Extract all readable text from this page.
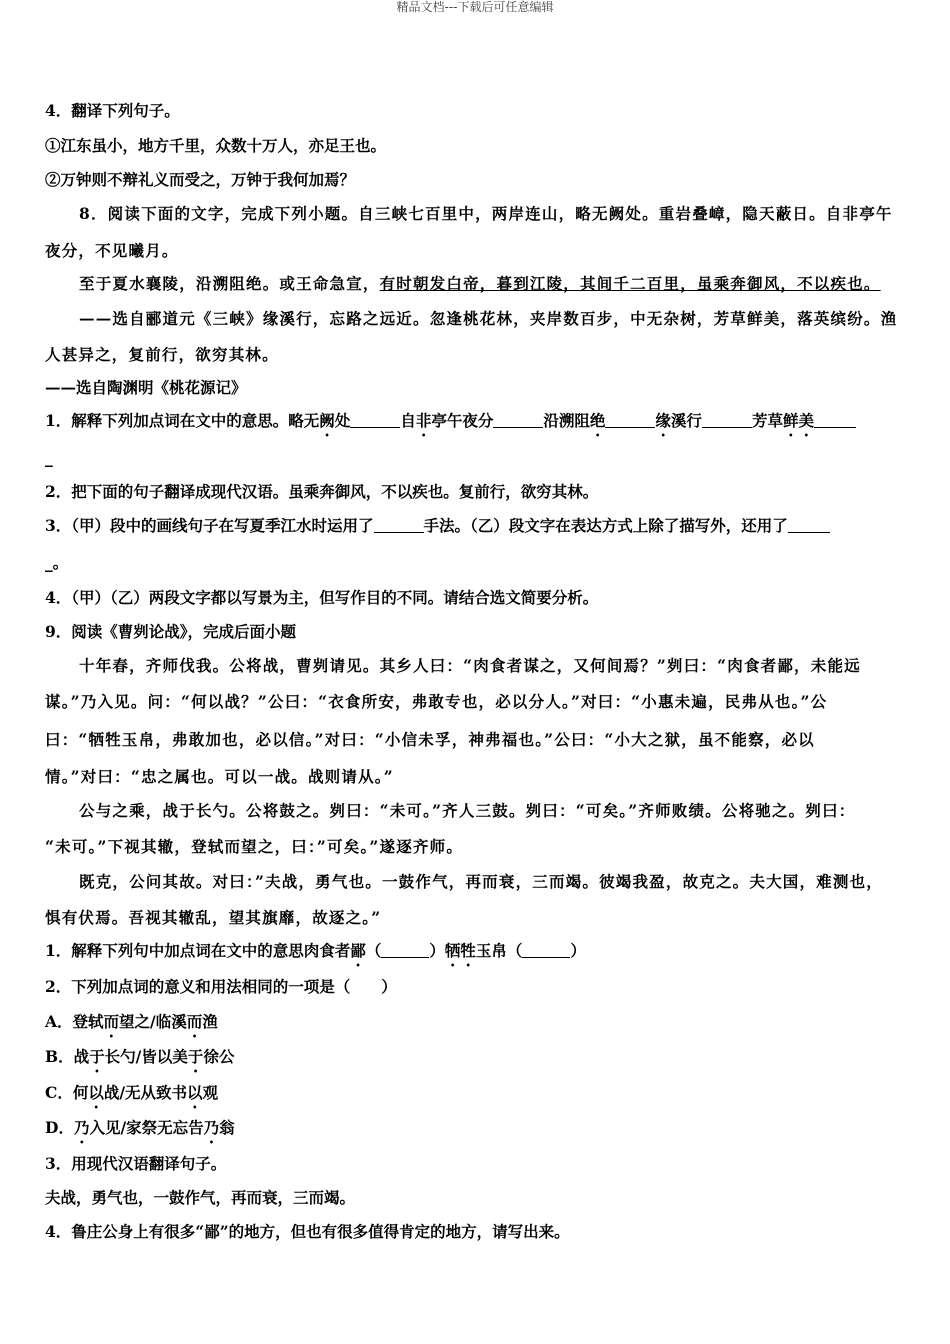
精品文档---下载后可任意编辑
4．翻译下列句子。
①江东虽小，地方千里，众数十万人，亦足王也。
②万钟则不辩礼义而受之，万钟于我何加焉？
8．阅读下面的文字，完成下列小题。自三峡七百里中，两岸连山，略无阙处。重岩叠嶂，隐天蔽日。自非亭午
夜分，不见曦月。
至于夏水襄陵，沿溯阻绝。或王命急宣，有时朝发白帝，暮到江陵，其间千二百里，虽乘奔御风，不以疾也。
——选自郦道元《三峡》缘溪行，忘路之远近。忽逢桃花林，夹岸数百步，中无杂树，芳草鲜美，落英缤纷。渔
人甚异之，复前行，欲穷其林。
——选自陶渊明《桃花源记》
1．解释下列加点词在文中的意思。略无阙处	自非亭午夜分	沿溯阻绝	缘溪行	芳草鲜美
_
2．把下面的句子翻译成现代汉语。虽乘奔御风，不以疾也。复前行，欲穷其林。
3．（甲）段中的画线句子在写夏季江水时运用了	手法。（乙）段文字在表达方式上除了描写外，还用了
_。
4．（甲）（乙）两段文字都以写景为主，但写作目的不同。请结合选文简要分析。
9．阅读《曹刿论战》，完成后面小题
十年春，齐师伐我。公将战，曹刿请见。其乡人曰：“肉食者谋之，又何间焉？”刿曰：“肉食者鄙，未能远
谋。”乃入见。问：“何以战？”公曰：“衣食所安，弗敢专也，必以分人。”对曰：“小惠未遍，民弗从也。”公
曰：“牺牲玉帛，弗敢加也，必以信。”对曰：“小信未孚，神弗福也。”公曰：“小大之狱，虽不能察，必以
情。”对曰：“忠之属也。可以一战。战则请从。”
公与之乘，战于长勺。公将鼓之。刿曰：“未可。”齐人三鼓。刿曰：“可矣。”齐师败绩。公将驰之。刿曰：
“未可。”下视其辙，登轼而望之，曰：”可矣。”遂逐齐师。
既克，公问其故。对曰：”夫战，勇气也。一鼓作气，再而衰，三而竭。彼竭我盈，故克之。夫大国，难测也，
惧有伏焉。吾视其辙乱，望其旗靡，故逐之。”
1．解释下列句中加点词在文中的意思肉食者鄙（	）牺牲玉帛（	）
2．下列加点词的意义和用法相同的一项是（　　）
A．登轼而望之/临溪而渔
B．战于长勺/皆以美于徐公
C．何以战/无从致书以观
D．乃入见/家祭无忘告乃翁
3．用现代汉语翻译句子。
夫战，勇气也，一鼓作气，再而衰，三而竭。
4．鲁庄公身上有很多“鄙”的地方，但也有很多值得肯定的地方，请写出来。
